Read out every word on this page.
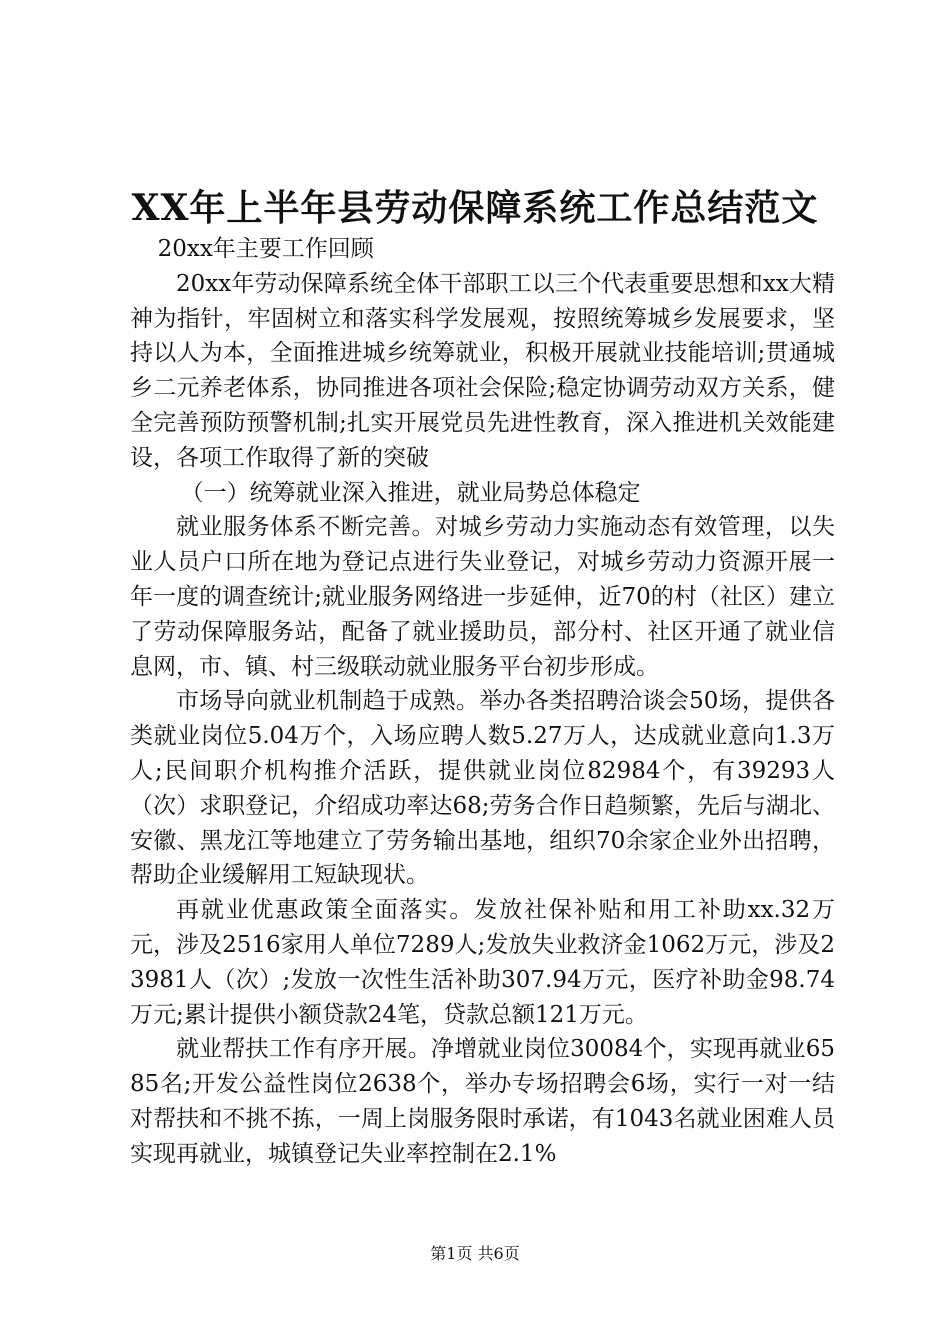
XX年上半年县劳动保障系统工作总结范文

20xx年主要工作回顾

20xx年劳动保障系统全体干部职工以三个代表重要思想和xx大精神为指针，牢固树立和落实科学发展观，按照统筹城乡发展要求，坚持以人为本，全面推进城乡统筹就业，积极开展就业技能培训;贯通城乡二元养老体系，协同推进各项社会保险;稳定协调劳动双方关系，健全完善预防预警机制;扎实开展党员先进性教育，深入推进机关效能建设，各项工作取得了新的突破

（一）统筹就业深入推进，就业局势总体稳定

就业服务体系不断完善。对城乡劳动力实施动态有效管理，以失业人员户口所在地为登记点进行失业登记，对城乡劳动力资源开展一年一度的调查统计;就业服务网络进一步延伸，近70的村（社区）建立了劳动保障服务站，配备了就业援助员，部分村、社区开通了就业信息网，市、镇、村三级联动就业服务平台初步形成。

市场导向就业机制趋于成熟。举办各类招聘洽谈会50场，提供各类就业岗位5.04万个，入场应聘人数5.27万人，达成就业意向1.3万人;民间职介机构推介活跃，提供就业岗位82984个，有39293人（次）求职登记，介绍成功率达68;劳务合作日趋频繁，先后与湖北、安徽、黑龙江等地建立了劳务输出基地，组织70余家企业外出招聘，帮助企业缓解用工短缺现状。

再就业优惠政策全面落实。发放社保补贴和用工补助xx.32万元，涉及2516家用人单位7289人;发放失业救济金1062万元，涉及23981人（次）;发放一次性生活补助307.94万元，医疗补助金98.74万元;累计提供小额贷款24笔，贷款总额121万元。

就业帮扶工作有序开展。净增就业岗位30084个，实现再就业6585名;开发公益性岗位2638个，举办专场招聘会6场，实行一对一结对帮扶和不挑不拣，一周上岗服务限时承诺，有1043名就业困难人员实现再就业，城镇登记失业率控制在2.1%

第1页 共6页
